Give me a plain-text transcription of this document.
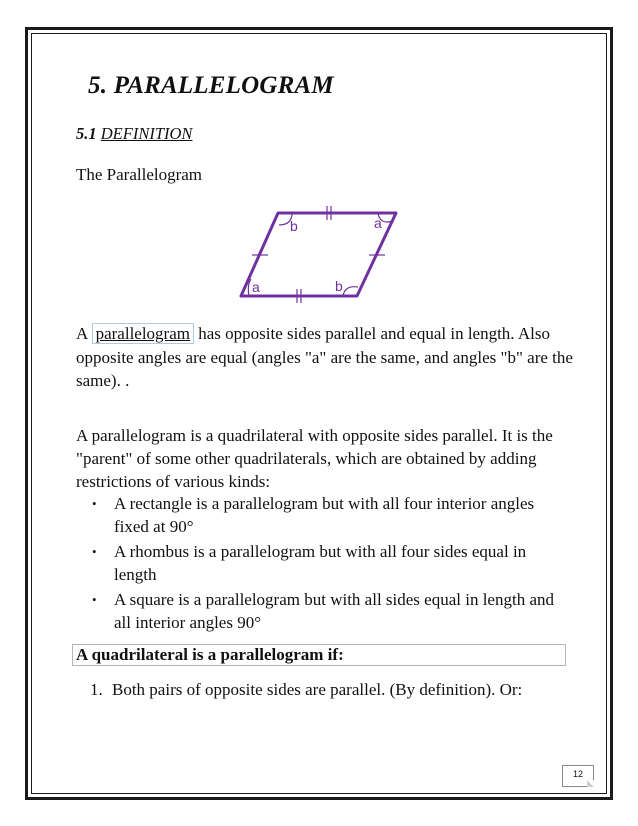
5. PARALLELOGRAM

5.1 DEFINITION

The Parallelogram

b	a
a	b

A parallelogram has opposite sides parallel and equal in length. Also opposite angles are equal (angles "a" are the same, and angles "b" are the same). .

A parallelogram is a quadrilateral with opposite sides parallel. It is the "parent" of some other quadrilaterals, which are obtained by adding restrictions of various kinds:

• A rectangle is a parallelogram but with all four interior angles fixed at 90°
• A rhombus is a parallelogram but with all four sides equal in length
• A square is a parallelogram but with all sides equal in length and all interior angles 90°

A quadrilateral is a parallelogram if:

1. Both pairs of opposite sides are parallel. (By definition). Or:
12
